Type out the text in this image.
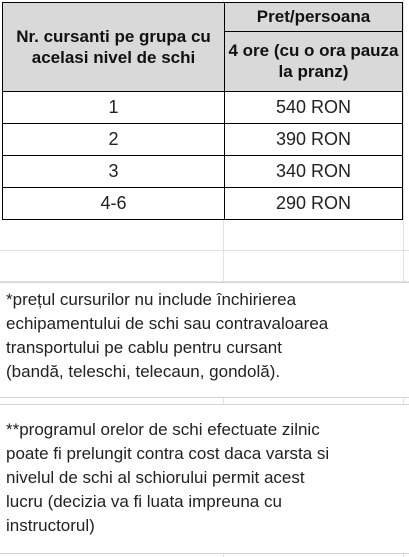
Nr. cursanti pe grupa cu acelasi nivel de schi	Pret/persoana
	4 ore (cu o ora pauza la pranz)
1	540 RON
2	390 RON
3	340 RON
4-6	290 RON
*prețul cursurilor nu include închirierea
echipamentului de schi sau contravaloarea
transportului pe cablu pentru cursant
(bandă, teleschi, telecaun, gondolă).
**programul orelor de schi efectuate zilnic
poate fi prelungit contra cost daca varsta si
nivelul de schi al schiorului permit acest
lucru (decizia va fi luata impreuna cu
instructorul)
